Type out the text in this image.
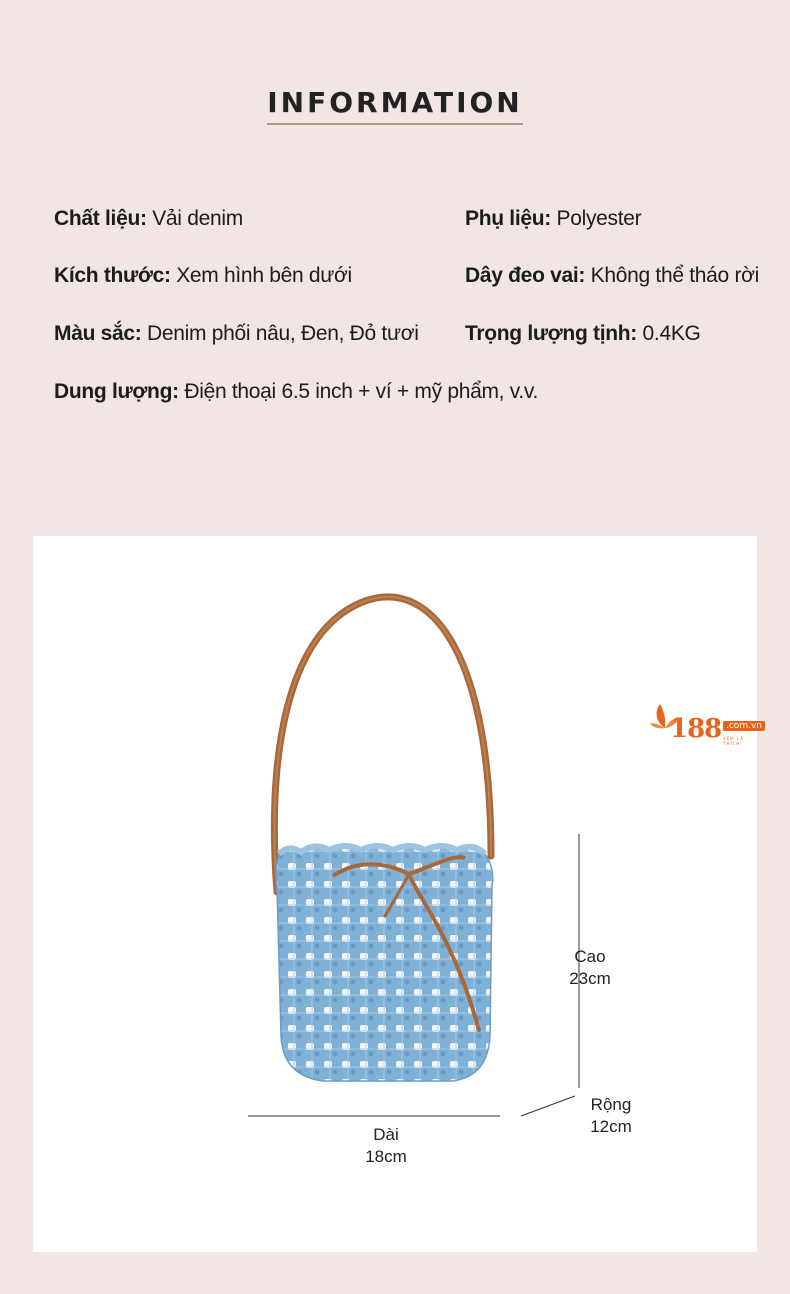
INFORMATION
Chất liệu: Vải denim	Phụ liệu: Polyester
Kích thước: Xem hình bên dưới	Dây đeo vai: Không thể tháo rời
Màu sắc: Denim phối nâu, Đen, Đỏ tươi Trọng lượng tịnh: 0.4KG
Dung lượng: Điện thoại 6.5 inch + ví + mỹ phẩm, v.v.
Cao
23cm
Rộng
12cm
Dài
18cm
188 .com.vn
XEM LÀ THÍCH
